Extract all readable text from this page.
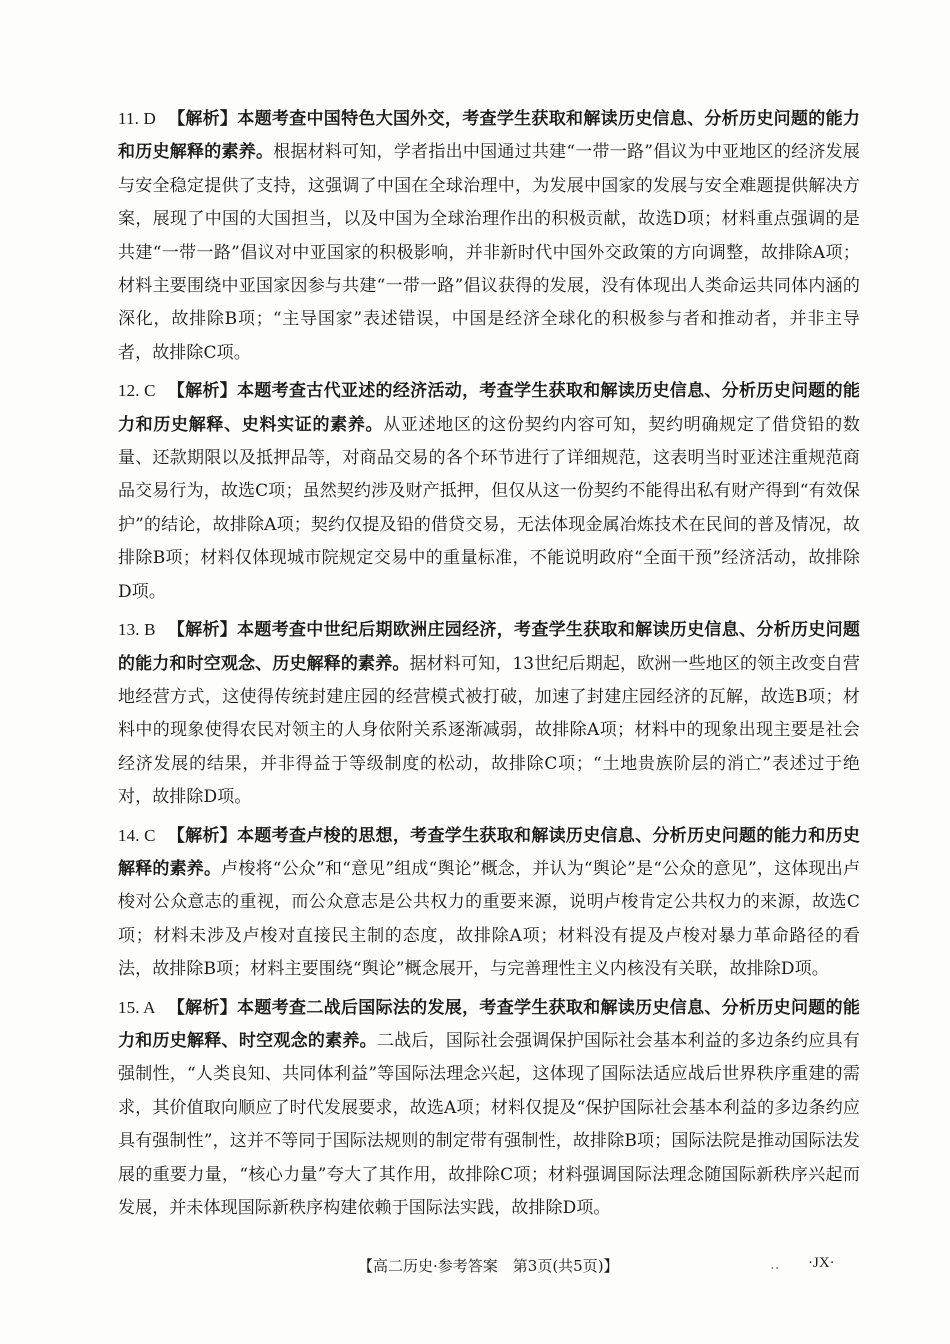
11. D 【解析】本题考查中国特色大国外交，考查学生获取和解读历史信息、分析历史问题的能力和历史解释的素养。根据材料可知，学者指出中国通过共建“一带一路”倡议为中亚地区的经济发展与安全稳定提供了支持，这强调了中国在全球治理中，为发展中国家的发展与安全难题提供解决方案，展现了中国的大国担当，以及中国为全球治理作出的积极贡献，故选D项；材料重点强调的是共建“一带一路”倡议对中亚国家的积极影响，并非新时代中国外交政策的方向调整，故排除A项；材料主要围绕中亚国家因参与共建“一带一路”倡议获得的发展，没有体现出人类命运共同体内涵的深化，故排除B项；“主导国家”表述错误，中国是经济全球化的积极参与者和推动者，并非主导者，故排除C项。

12. C 【解析】本题考查古代亚述的经济活动，考查学生获取和解读历史信息、分析历史问题的能力和历史解释、史料实证的素养。从亚述地区的这份契约内容可知，契约明确规定了借贷铅的数量、还款期限以及抵押品等，对商品交易的各个环节进行了详细规范，这表明当时亚述注重规范商品交易行为，故选C项；虽然契约涉及财产抵押，但仅从这一份契约不能得出私有财产得到“有效保护”的结论，故排除A项；契约仅提及铅的借贷交易，无法体现金属冶炼技术在民间的普及情况，故排除B项；材料仅体现城市院规定交易中的重量标准，不能说明政府“全面干预”经济活动，故排除D项。

13. B 【解析】本题考查中世纪后期欧洲庄园经济，考查学生获取和解读历史信息、分析历史问题的能力和时空观念、历史解释的素养。据材料可知，13世纪后期起，欧洲一些地区的领主改变自营地经营方式，这使得传统封建庄园的经营模式被打破，加速了封建庄园经济的瓦解，故选B项；材料中的现象使得农民对领主的人身依附关系逐渐减弱，故排除A项；材料中的现象出现主要是社会经济发展的结果，并非得益于等级制度的松动，故排除C项；“土地贵族阶层的消亡”表述过于绝对，故排除D项。

14. C 【解析】本题考查卢梭的思想，考查学生获取和解读历史信息、分析历史问题的能力和历史解释的素养。卢梭将“公众”和“意见”组成“舆论”概念，并认为“舆论”是“公众的意见”，这体现出卢梭对公众意志的重视，而公众意志是公共权力的重要来源，说明卢梭肯定公共权力的来源，故选C项；材料未涉及卢梭对直接民主制的态度，故排除A项；材料没有提及卢梭对暴力革命路径的看法，故排除B项；材料主要围绕“舆论”概念展开，与完善理性主义内核没有关联，故排除D项。

15. A 【解析】本题考查二战后国际法的发展，考查学生获取和解读历史信息、分析历史问题的能力和历史解释、时空观念的素养。二战后，国际社会强调保护国际社会基本利益的多边条约应具有强制性，“人类良知、共同体利益”等国际法理念兴起，这体现了国际法适应战后世界秩序重建的需求，其价值取向顺应了时代发展要求，故选A项；材料仅提及“保护国际社会基本利益的多边条约应具有强制性”，这并不等同于国际法规则的制定带有强制性，故排除B项；国际法院是推动国际法发展的重要力量，“核心力量”夸大了其作用，故排除C项；材料强调国际法理念随国际新秩序兴起而发展，并未体现国际新秩序构建依赖于国际法实践，故排除D项。

【高二历史·参考答案　第3页(共5页)】	.. ·JX·
